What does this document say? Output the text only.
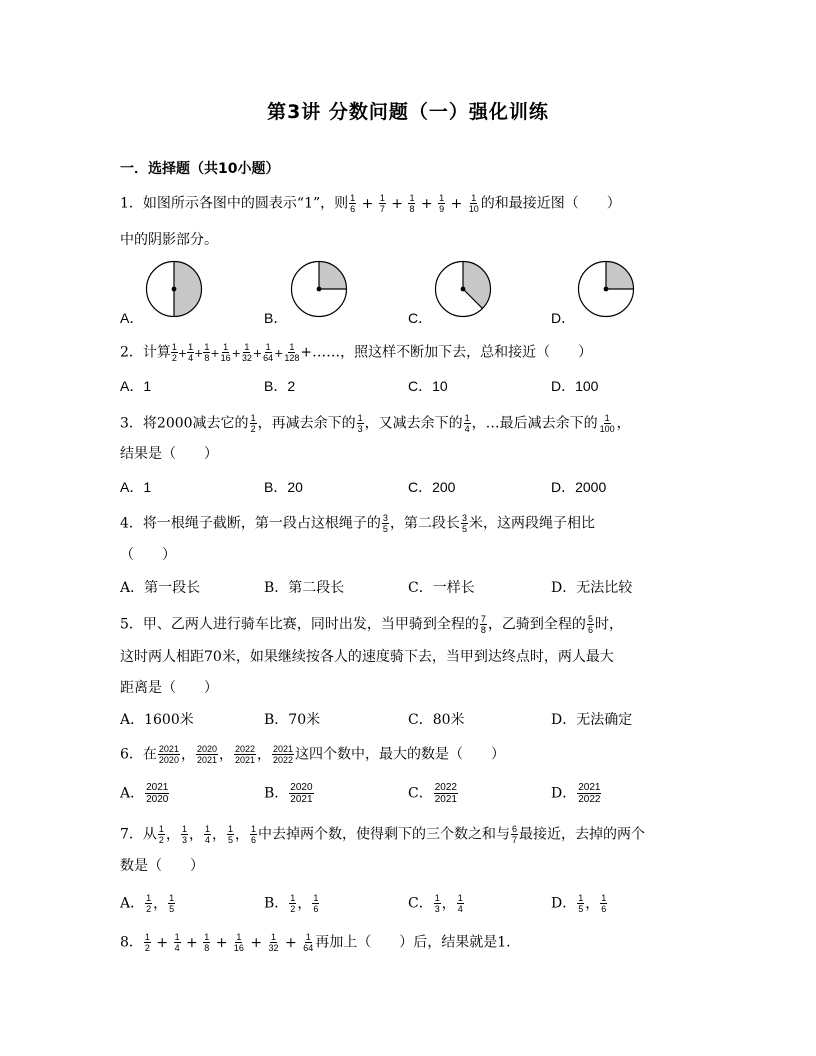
第3讲 分数问题（一）强化训练
一．选择题（共10小题）
1．如图所示各图中的圆表示“1”，则 $\frac{1}{6} + \frac{1}{7} + \frac{1}{8} + \frac{1}{9} + \frac{1}{10}$ 的和最接近图（　　）
中的阴影部分。
A．	B．	C．	D．
2．计算 $\frac{1}{2} + \frac{1}{4} + \frac{1}{8} + \frac{1}{16} + \frac{1}{32} + \frac{1}{64} + \frac{1}{128}$ +……，照这样不断加下去，总和接近（　　）
A．1	B．2	C．10	D．100
3．将2000减去它的 $\frac{1}{2}$ ，再减去余下的 $\frac{1}{3}$ ，又减去余下的 $\frac{1}{4}$ ，…最后减去余下的 $\frac{1}{100}$ ，
结果是（　　）
A．1	B．20	C．200	D．2000
4．将一根绳子截断，第一段占这根绳子的 $\frac{3}{5}$ ，第二段长 $\frac{3}{5}$ 米，这两段绳子相比
（　　）
A．第一段长	B．第二段长	C．一样长	D．无法比较
5．甲、乙两人进行骑车比赛，同时出发，当甲骑到全程的 $\frac{7}{8}$ ，乙骑到全程的 $\frac{5}{6}$ 时，
这时两人相距70米，如果继续按各人的速度骑下去，当甲到达终点时，两人最大
距离是（　　）
A．1600米	B．70米	C．80米	D．无法确定
6．在 $\frac{2021}{2020}$ ， $\frac{2020}{2021}$ ， $\frac{2022}{2021}$ ， $\frac{2021}{2022}$ 这四个数中，最大的数是（　　）
A． $\frac{2021}{2020}$	B． $\frac{2020}{2021}$	C． $\frac{2022}{2021}$	D． $\frac{2021}{2022}$
7．从 $\frac{1}{2}$ ， $\frac{1}{3}$ ， $\frac{1}{4}$ ， $\frac{1}{5}$ ， $\frac{1}{6}$ 中去掉两个数，使得剩下的三个数之和与 $\frac{6}{7}$ 最接近，去掉的两个
数是（　　）
A． $\frac{1}{2}$ ， $\frac{1}{5}$	B． $\frac{1}{2}$ ， $\frac{1}{6}$	C． $\frac{1}{3}$ ， $\frac{1}{4}$	D． $\frac{1}{5}$ ， $\frac{1}{6}$
8． $\frac{1}{2} + \frac{1}{4} + \frac{1}{8} + \frac{1}{16} + \frac{1}{32} + \frac{1}{64}$ 再加上（　　）后，结果就是1.
